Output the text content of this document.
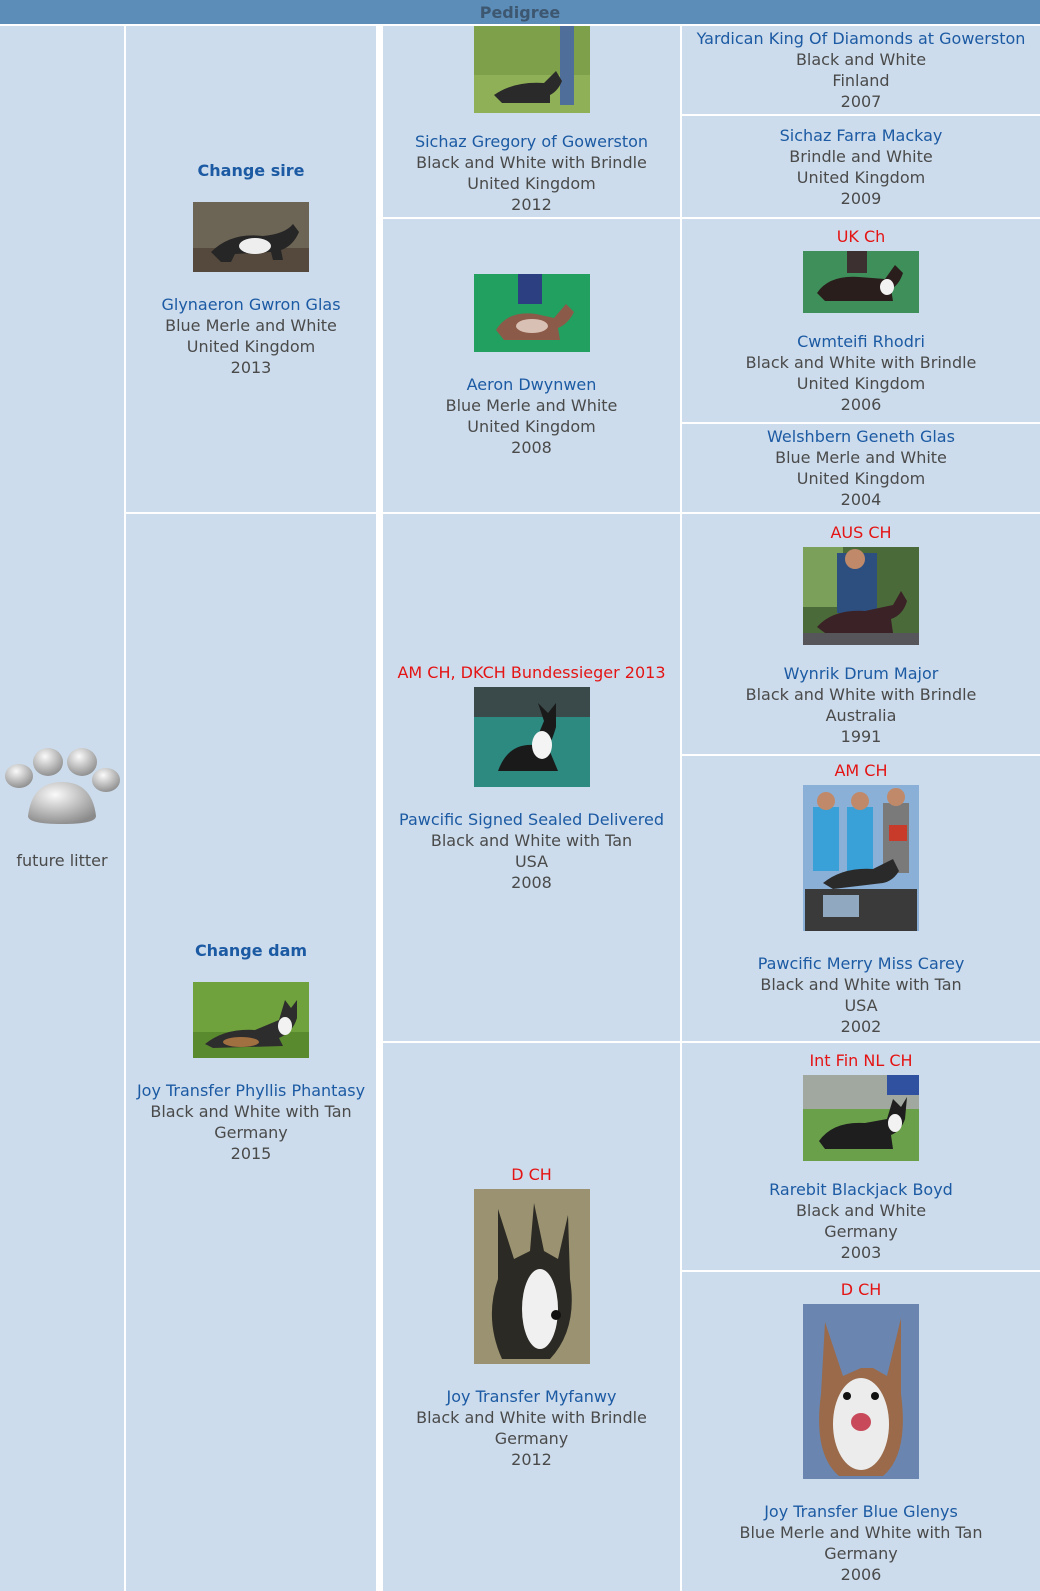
Pedigree
future litter
Change sire
Glynaeron Gwron Glas
Blue Merle and White
United Kingdom
2013
Change dam
Joy Transfer Phyllis Phantasy
Black and White with Tan
Germany
2015
Sichaz Gregory of Gowerston
Black and White with Brindle
United Kingdom
2012
Aeron Dwynwen
Blue Merle and White
United Kingdom
2008
AM CH, DKCH Bundessieger 2013
Pawcific Signed Sealed Delivered
Black and White with Tan
USA
2008
D CH
Joy Transfer Myfanwy
Black and White with Brindle
Germany
2012
Yardican King Of Diamonds at Gowerston
Black and White
Finland
2007
Sichaz Farra Mackay
Brindle and White
United Kingdom
2009
UK Ch
Cwmteifi Rhodri
Black and White with Brindle
United Kingdom
2006
Welshbern Geneth Glas
Blue Merle and White
United Kingdom
2004
AUS CH
Wynrik Drum Major
Black and White with Brindle
Australia
1991
AM CH
Pawcific Merry Miss Carey
Black and White with Tan
USA
2002
Int Fin NL CH
Rarebit Blackjack Boyd
Black and White
Germany
2003
D CH
Joy Transfer Blue Glenys
Blue Merle and White with Tan
Germany
2006
